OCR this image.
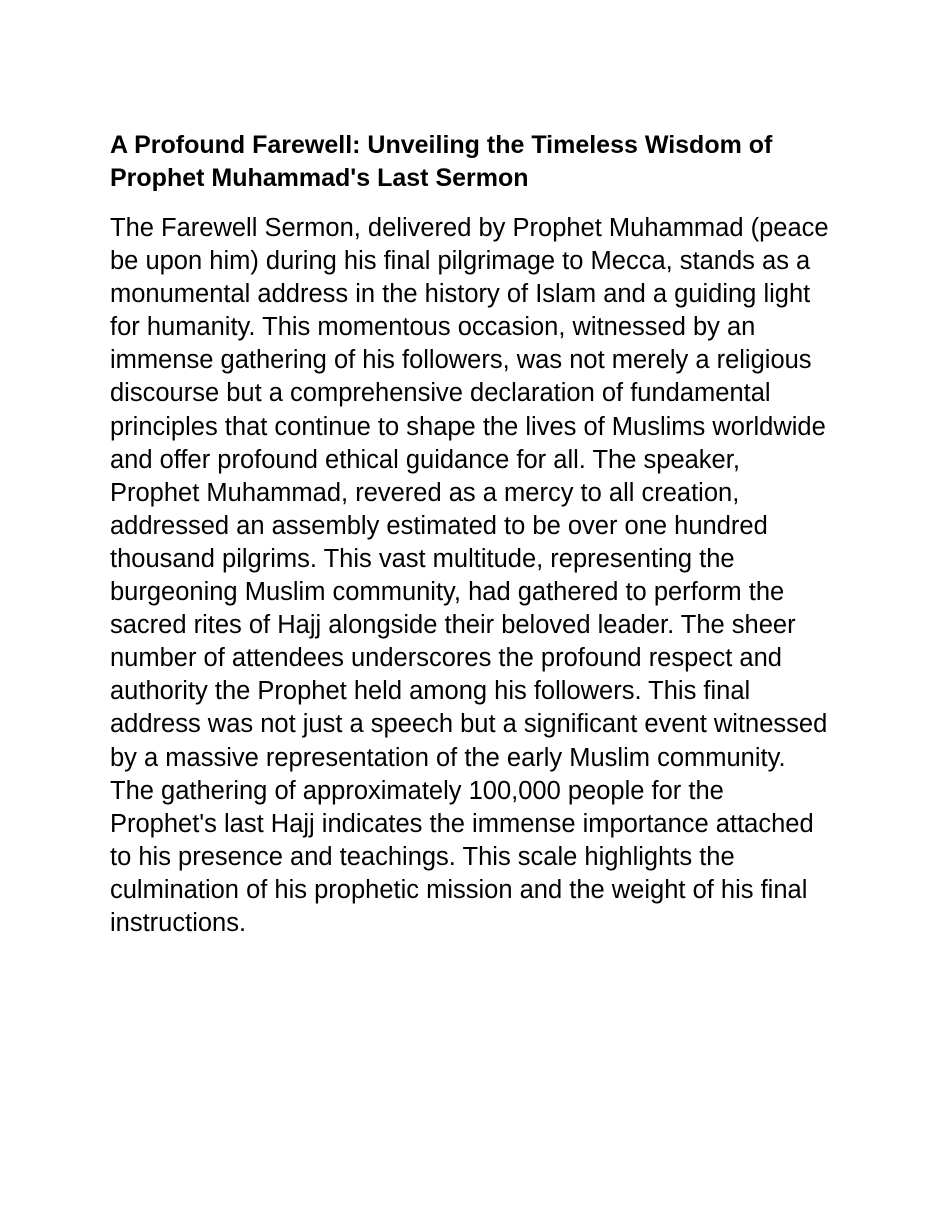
A Profound Farewell: Unveiling the Timeless Wisdom of Prophet Muhammad's Last Sermon

The Farewell Sermon, delivered by Prophet Muhammad (peace be upon him) during his final pilgrimage to Mecca, stands as a monumental address in the history of Islam and a guiding light for humanity. This momentous occasion, witnessed by an immense gathering of his followers, was not merely a religious discourse but a comprehensive declaration of fundamental principles that continue to shape the lives of Muslims worldwide and offer profound ethical guidance for all. The speaker, Prophet Muhammad, revered as a mercy to all creation, addressed an assembly estimated to be over one hundred thousand pilgrims. This vast multitude, representing the burgeoning Muslim community, had gathered to perform the sacred rites of Hajj alongside their beloved leader. The sheer number of attendees underscores the profound respect and authority the Prophet held among his followers. This final address was not just a speech but a significant event witnessed by a massive representation of the early Muslim community. The gathering of approximately 100,000 people for the Prophet's last Hajj indicates the immense importance attached to his presence and teachings. This scale highlights the culmination of his prophetic mission and the weight of his final instructions.
